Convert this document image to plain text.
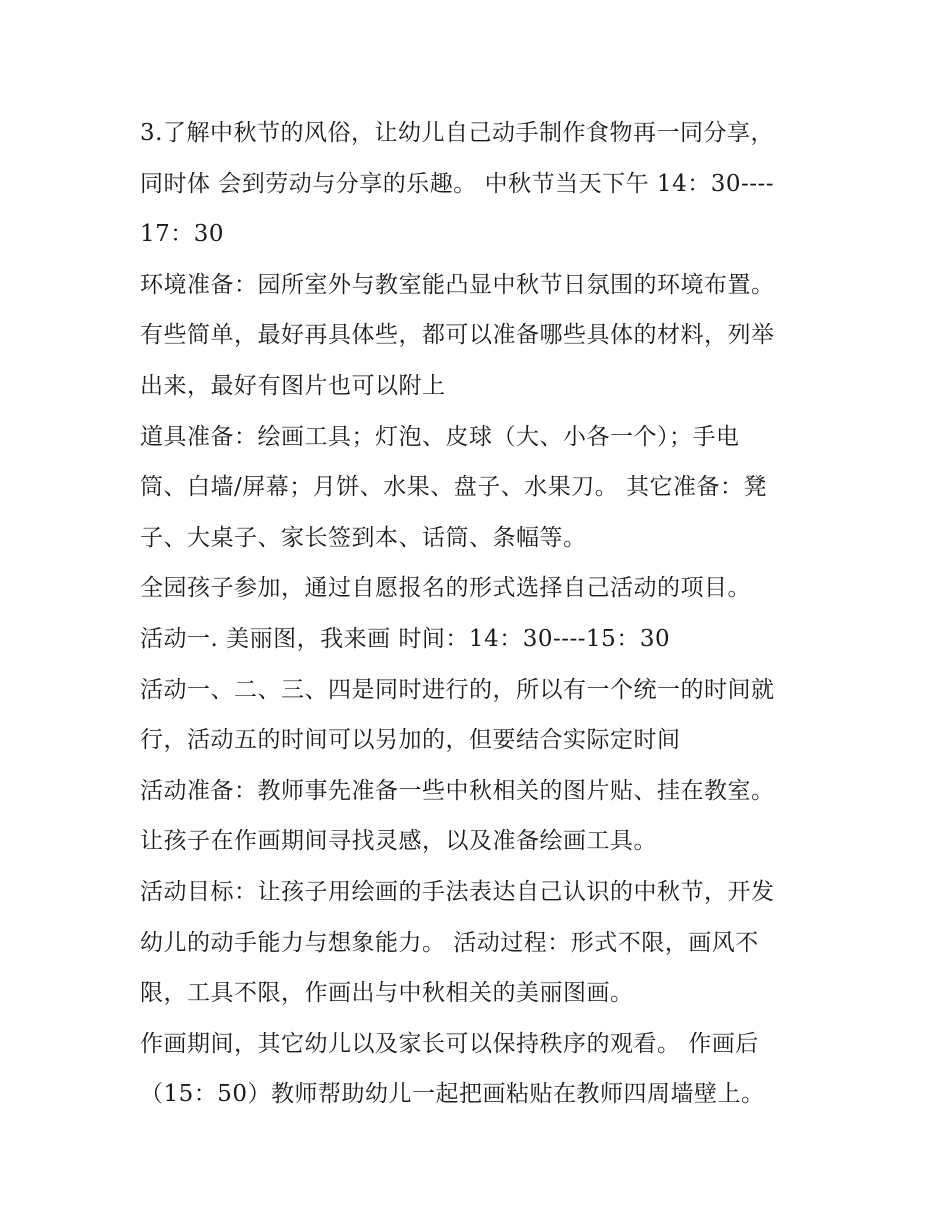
3.了解中秋节的风俗，让幼儿自己动手制作食物再一同分享，
同时体 会到劳动与分享的乐趣。 中秋节当天下午 14：30----
17：30
环境准备：园所室外与教室能凸显中秋节日氛围的环境布置。
有些简单，最好再具体些，都可以准备哪些具体的材料，列举
出来，最好有图片也可以附上
道具准备：绘画工具；灯泡、皮球（大、小各一个）；手电
筒、白墙/屏幕；月饼、水果、盘子、水果刀。 其它准备：凳
子、大桌子、家长签到本、话筒、条幅等。
全园孩子参加，通过自愿报名的形式选择自己活动的项目。
活动一. 美丽图，我来画 时间：14：30----15：30
活动一、二、三、四是同时进行的，所以有一个统一的时间就
行，活动五的时间可以另加的，但要结合实际定时间
活动准备：教师事先准备一些中秋相关的图片贴、挂在教室。
让孩子在作画期间寻找灵感，以及准备绘画工具。
活动目标：让孩子用绘画的手法表达自己认识的中秋节，开发
幼儿的动手能力与想象能力。 活动过程：形式不限，画风不
限，工具不限，作画出与中秋相关的美丽图画。
作画期间，其它幼儿以及家长可以保持秩序的观看。 作画后
（15：50）教师帮助幼儿一起把画粘贴在教师四周墙壁上。
